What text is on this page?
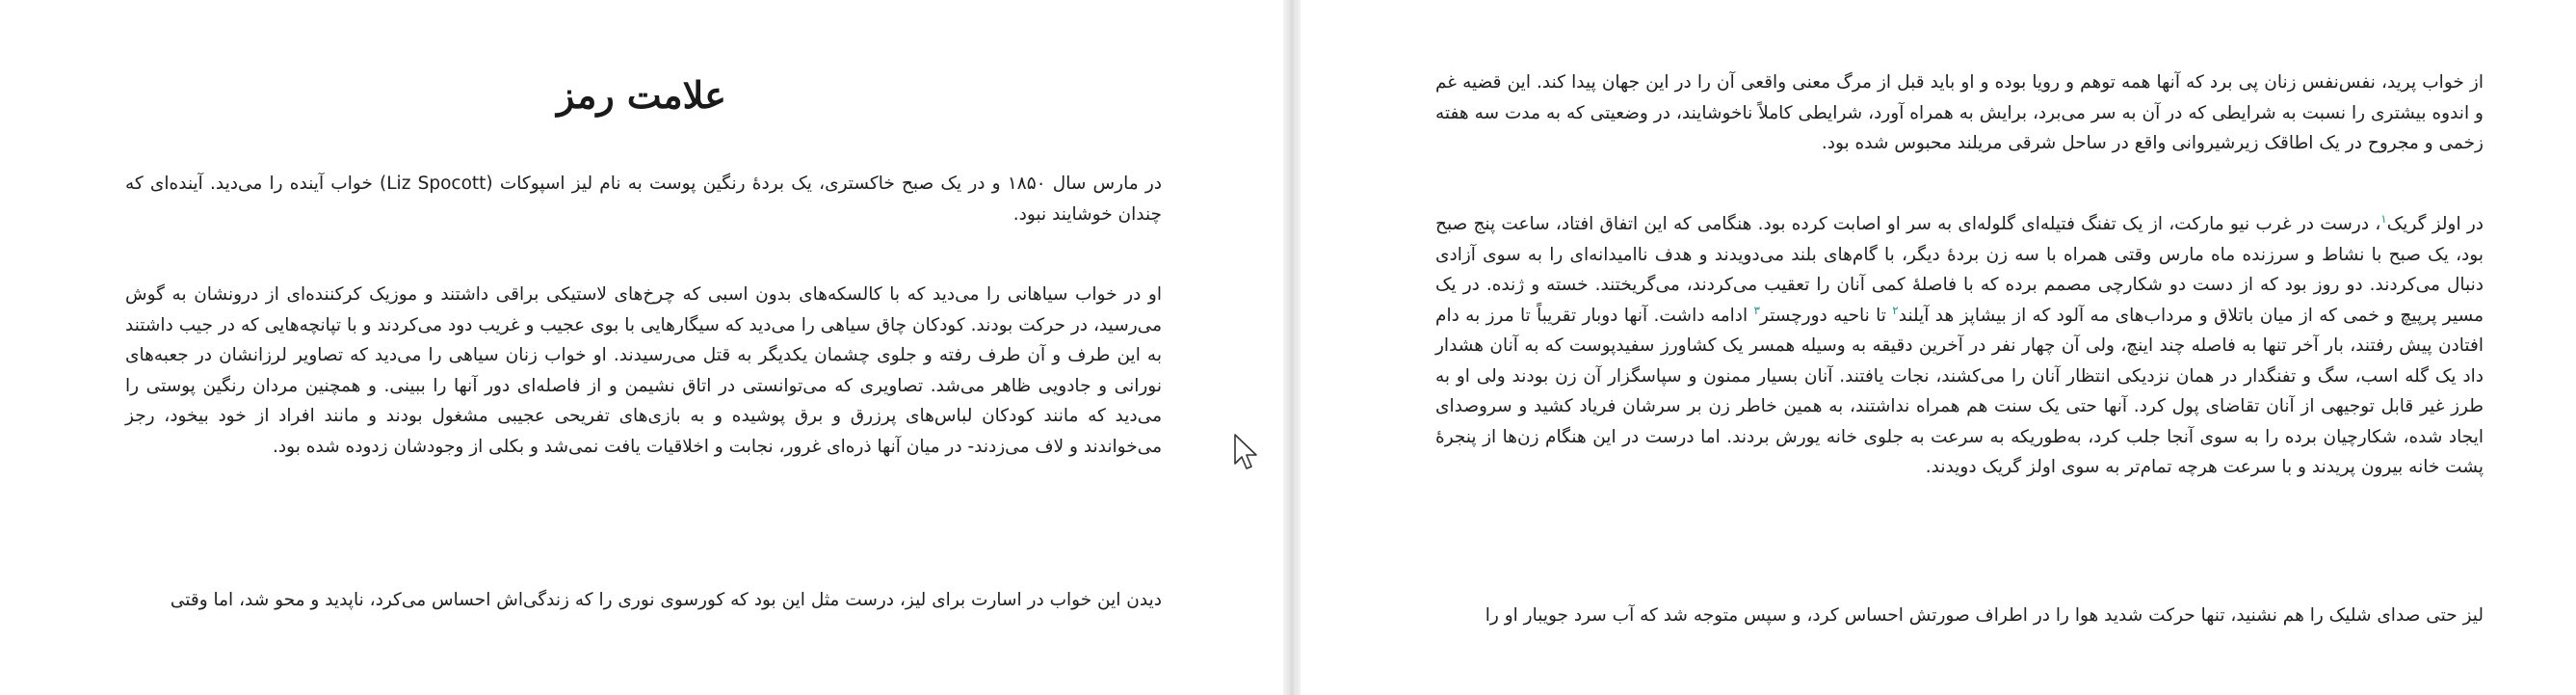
علامت رمز
در مارس سال ۱۸۵۰ و در یک صبح خاکستری، یک بردهٔ رنگین پوست به نام لیز اسپوکات (Liz Spocott) خواب آینده را می‌دید. آینده‌ای که چندان خوشایند نبود.
او در خواب سیاهانی را می‌دید که با کالسکه‌های بدون اسبی که چرخ‌های لاستیکی براقی داشتند و موزیک کرکننده‌ای از درونشان به گوش می‌رسید، در حرکت بودند. کودکان چاق سیاهی را می‌دید که سیگارهایی با بوی عجیب و غریب دود می‌کردند و با تپانچه‌هایی که در جیب داشتند به این طرف و آن طرف رفته و جلوی چشمان یکدیگر به قتل می‌رسیدند. او خواب زنان سیاهی را می‌دید که تصاویر لرزانشان در جعبه‌های نورانی و جادویی ظاهر می‌شد. تصاویری که می‌توانستی در اتاق نشیمن و از فاصله‌ای دور آنها را ببینی. و همچنین مردان رنگین پوستی را می‌دید که مانند کودکان لباس‌های پرزرق و برق پوشیده و به بازی‌های تفریحی عجیبی مشغول بودند و مانند افراد از خود بیخود، رجز می‌خواندند و لاف می‌زدند- در میان آنها ذره‌ای غرور، نجابت و اخلاقیات یافت نمی‌شد و بکلی از وجودشان زدوده شده بود.
دیدن این خواب در اسارت برای لیز، درست مثل این بود که کورسوی نوری را که زندگی‌اش احساس می‌کرد، ناپدید و محو شد، اما وقتی
از خواب پرید، نفس‌نفس زنان پی برد که آنها همه توهم و رویا بوده و او باید قبل از مرگ معنی واقعی آن را در این جهان پیدا کند. این قضیه غم و اندوه بیشتری را نسبت به شرایطی که در آن به سر می‌برد، برایش به همراه آورد، شرایطی کاملاً ناخوشایند، در وضعیتی که به مدت سه هفته زخمی و مجروح در یک اطاقک زیرشیروانی واقع در ساحل شرقی مریلند محبوس شده بود.
در اولز گریک$^۱$، درست در غرب نیو مارکت، از یک تفنگ فتیله‌ای گلوله‌ای به سر او اصابت کرده بود. هنگامی که این اتفاق افتاد، ساعت پنج صبح بود، یک صبح با نشاط و سرزنده ماه مارس وقتی همراه با سه زن بردهٔ دیگر، با گام‌های بلند می‌دویدند و هدف ناامیدانه‌ای را به سوی آزادی دنبال می‌کردند. دو روز بود که از دست دو شکارچی مصمم برده که با فاصلهٔ کمی آنان را تعقیب می‌کردند، می‌گریختند. خسته و ژنده. در یک مسیر پرپیچ و خمی که از میان باتلاق و مرداب‌های مه آلود که از بیشاپز هد آیلند$^۲$ تا ناحیه دورچستر$^۳$ ادامه داشت. آنها دوبار تقریباً تا مرز به دام افتادن پیش رفتند، بار آخر تنها به فاصله چند اینچ، ولی آن چهار نفر در آخرین دقیقه به وسیله همسر یک کشاورز سفیدپوست که به آنان هشدار داد یک گله اسب، سگ و تفنگدار در همان نزدیکی انتظار آنان را می‌کشند، نجات یافتند. آنان بسیار ممنون و سپاسگزار آن زن بودند ولی او به طرز غیر قابل توجیهی از آنان تقاضای پول کرد. آنها حتی یک سنت هم همراه نداشتند، به همین خاطر زن بر سرشان فریاد کشید و سروصدای ایجاد شده، شکارچیان برده را به سوی آنجا جلب کرد، به‌طوریکه به سرعت به جلوی خانه یورش بردند. اما درست در این هنگام زن‌ها از پنجرهٔ پشت خانه بیرون پریدند و با سرعت هرچه تمام‌تر به سوی اولز گریک دویدند.
لیز حتی صدای شلیک را هم نشنید، تنها حرکت شدید هوا را در اطراف صورتش احساس کرد، و سپس متوجه شد که آب سرد جویبار او را
